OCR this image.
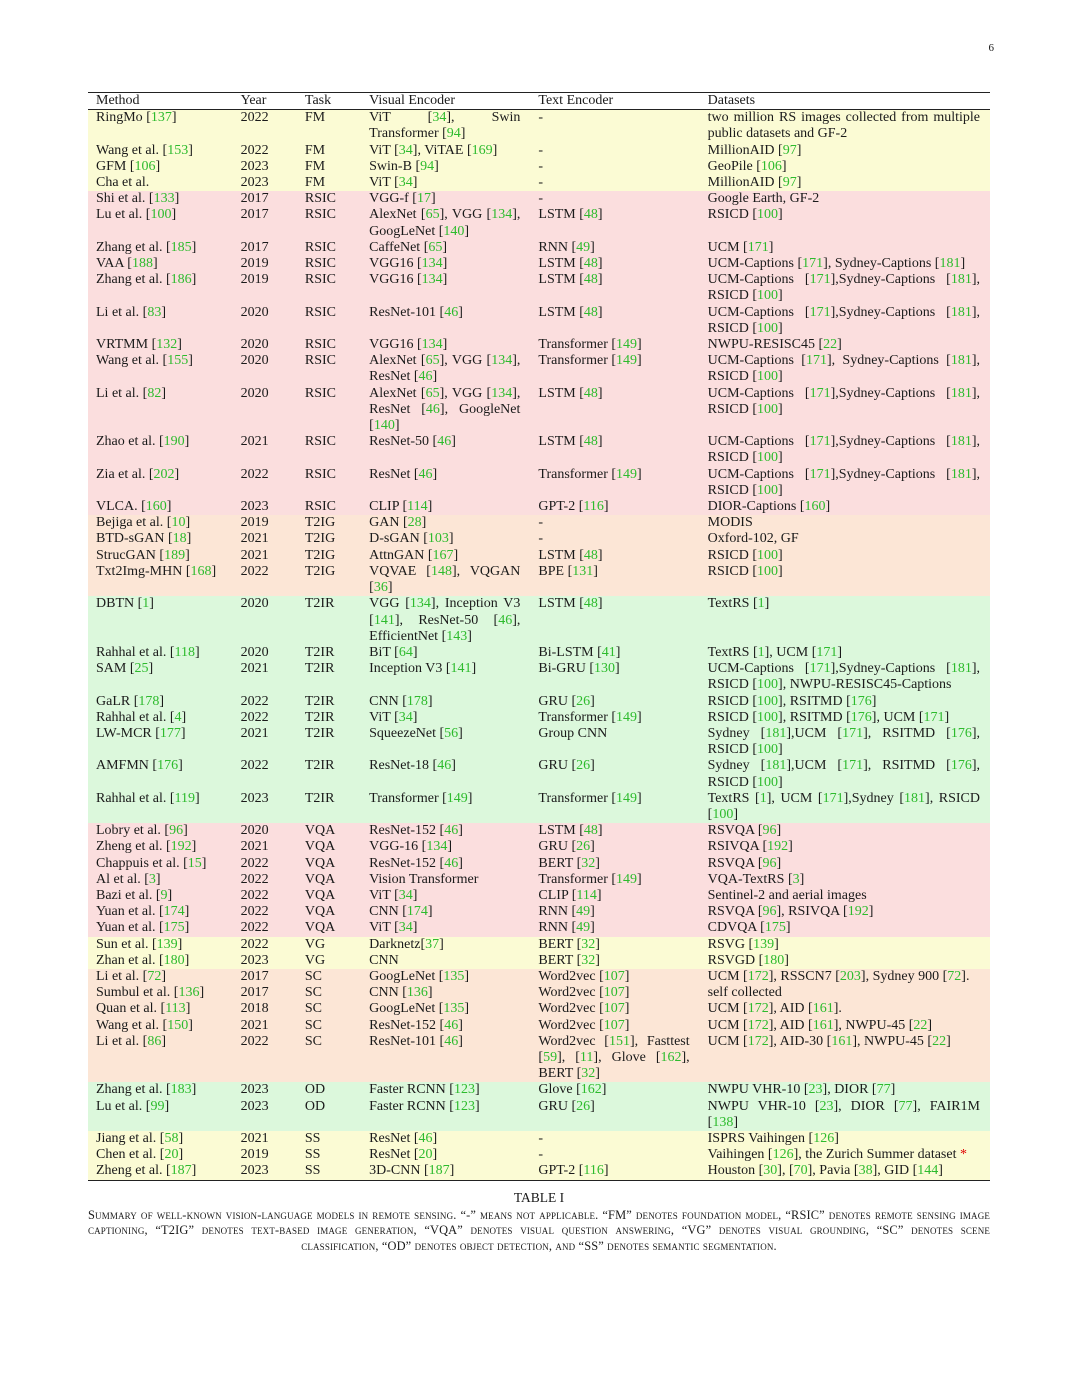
6
Method	Year	Task	Visual Encoder	Text Encoder	Datasets
RingMo [137]	2022	FM	ViT [34], Swin Transformer [94]	-	two million RS images collected from multiple public datasets and GF-2
Wang et al. [153]	2022	FM	ViT [34], ViTAE [169]	-	MillionAID [97]
GFM [106]	2023	FM	Swin-B [94]	-	GeoPile [106]
Cha et al.	2023	FM	ViT [34]	-	MillionAID [97]
Shi et al. [133]	2017	RSIC	VGG-f [17]	-	Google Earth, GF-2
Lu et al. [100]	2017	RSIC	AlexNet [65], VGG [134], GoogLeNet [140]	LSTM [48]	RSICD [100]
Zhang et al. [185]	2017	RSIC	CaffeNet [65]	RNN [49]	UCM [171]
VAA [188]	2019	RSIC	VGG16 [134]	LSTM [48]	UCM-Captions [171], Sydney-Captions [181]
Zhang et al. [186]	2019	RSIC	VGG16 [134]	LSTM [48]	UCM-Captions [171],Sydney-Captions [181], RSICD [100]
Li et al. [83]	2020	RSIC	ResNet-101 [46]	LSTM [48]	UCM-Captions [171],Sydney-Captions [181], RSICD [100]
VRTMM [132]	2020	RSIC	VGG16 [134]	Transformer [149]	NWPU-RESISC45 [22]
Wang et al. [155]	2020	RSIC	AlexNet [65], VGG [134], ResNet [46]	Transformer [149]	UCM-Captions [171], Sydney-Captions [181], RSICD [100]
Li et al. [82]	2020	RSIC	AlexNet [65], VGG [134], ResNet [46], GoogleNet [140]	LSTM [48]	UCM-Captions [171],Sydney-Captions [181], RSICD [100]
Zhao et al. [190]	2021	RSIC	ResNet-50 [46]	LSTM [48]	UCM-Captions [171],Sydney-Captions [181], RSICD [100]
Zia et al. [202]	2022	RSIC	ResNet [46]	Transformer [149]	UCM-Captions [171],Sydney-Captions [181], RSICD [100]
VLCA. [160]	2023	RSIC	CLIP [114]	GPT-2 [116]	DIOR-Captions [160]
Bejiga et al. [10]	2019	T2IG	GAN [28]	-	MODIS
BTD-sGAN [18]	2021	T2IG	D-sGAN [103]	-	Oxford-102, GF
StrucGAN [189]	2021	T2IG	AttnGAN [167]	LSTM [48]	RSICD [100]
Txt2Img-MHN [168]	2022	T2IG	VQVAE [148], VQGAN [36]	BPE [131]	RSICD [100]
DBTN [1]	2020	T2IR	VGG [134], Inception V3 [141], ResNet-50 [46], EfficientNet [143]	LSTM [48]	TextRS [1]
Rahhal et al. [118]	2020	T2IR	BiT [64]	Bi-LSTM [41]	TextRS [1], UCM [171]
SAM [25]	2021	T2IR	Inception V3 [141]	Bi-GRU [130]	UCM-Captions [171],Sydney-Captions [181], RSICD [100], NWPU-RESISC45-Captions
GaLR [178]	2022	T2IR	CNN [178]	GRU [26]	RSICD [100], RSITMD [176]
Rahhal et al. [4]	2022	T2IR	ViT [34]	Transformer [149]	RSICD [100], RSITMD [176], UCM [171]
LW-MCR [177]	2021	T2IR	SqueezeNet [56]	Group CNN	Sydney [181],UCM [171], RSITMD [176], RSICD [100]
AMFMN [176]	2022	T2IR	ResNet-18 [46]	GRU [26]	Sydney [181],UCM [171], RSITMD [176], RSICD [100]
Rahhal et al. [119]	2023	T2IR	Transformer [149]	Transformer [149]	TextRS [1], UCM [171],Sydney [181], RSICD [100]
Lobry et al. [96]	2020	VQA	ResNet-152 [46]	LSTM [48]	RSVQA [96]
Zheng et al. [192]	2021	VQA	VGG-16 [134]	GRU [26]	RSIVQA [192]
Chappuis et al. [15]	2022	VQA	ResNet-152 [46]	BERT [32]	RSVQA [96]
Al et al. [3]	2022	VQA	Vision Transformer	Transformer [149]	VQA-TextRS [3]
Bazi et al. [9]	2022	VQA	ViT [34]	CLIP [114]	Sentinel-2 and aerial images
Yuan et al. [174]	2022	VQA	CNN [174]	RNN [49]	RSVQA [96], RSIVQA [192]
Yuan et al. [175]	2022	VQA	ViT [34]	RNN [49]	CDVQA [175]
Sun et al. [139]	2022	VG	Darknetz[37]	BERT [32]	RSVG [139]
Zhan et al. [180]	2023	VG	CNN	BERT [32]	RSVGD [180]
Li et al. [72]	2017	SC	GoogLeNet [135]	Word2vec [107]	UCM [172], RSSCN7 [203], Sydney 900 [72].
Sumbul et al. [136]	2017	SC	CNN [136]	Word2vec [107]	self collected
Quan et al. [113]	2018	SC	GoogLeNet [135]	Word2vec [107]	UCM [172], AID [161].
Wang et al. [150]	2021	SC	ResNet-152 [46]	Word2vec [107]	UCM [172], AID [161], NWPU-45 [22]
Li et al. [86]	2022	SC	ResNet-101 [46]	Word2vec [151], Fasttest [59], [11], Glove [162], BERT [32]	UCM [172], AID-30 [161], NWPU-45 [22]
Zhang et al. [183]	2023	OD	Faster RCNN [123]	Glove [162]	NWPU VHR-10 [23], DIOR [77]
Lu et al. [99]	2023	OD	Faster RCNN [123]	GRU [26]	NWPU VHR-10 [23], DIOR [77], FAIR1M [138]
Jiang et al. [58]	2021	SS	ResNet [46]	-	ISPRS Vaihingen [126]
Chen et al. [20]	2019	SS	ResNet [20]	-	Vaihingen [126], the Zurich Summer dataset *
Zheng et al. [187]	2023	SS	3D-CNN [187]	GPT-2 [116]	Houston [30], [70], Pavia [38], GID [144]
TABLE I
Summary of well-known vision-language models in remote sensing. “-” means not applicable. “FM” denotes foundation model, “RSIC” denotes remote sensing image captioning, “T2IG” denotes text-based image generation, “VQA” denotes visual question answering, “VG” denotes visual grounding, “SC” denotes scene classification, “OD” denotes object detection, and “SS” denotes semantic segmentation.
